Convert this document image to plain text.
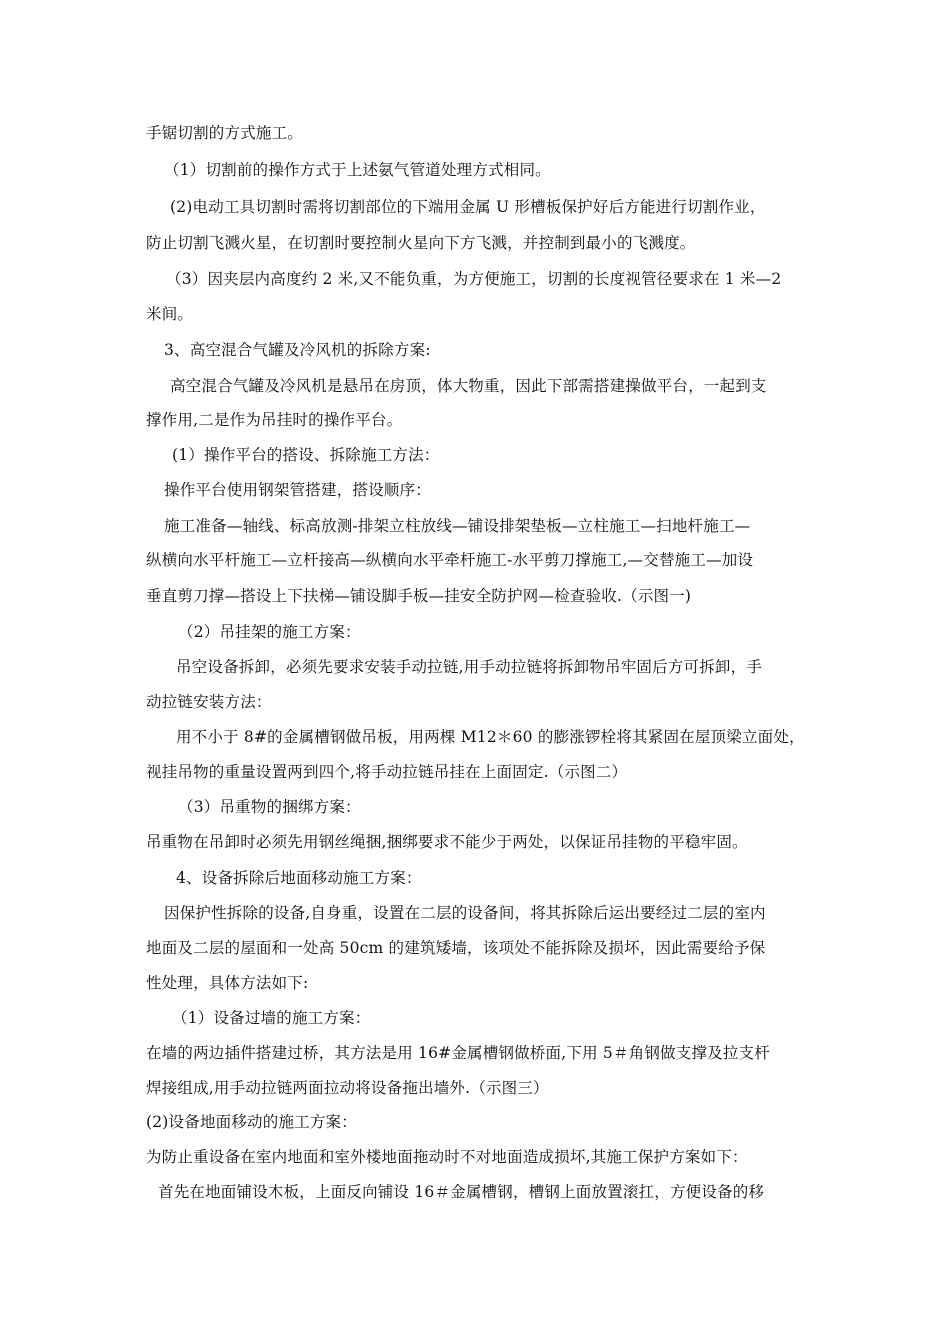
手锯切割的方式施工。
（1）切割前的操作方式于上述氨气管道处理方式相同。
(2)电动工具切割时需将切割部位的下端用金属 U 形槽板保护好后方能进行切割作业，
防止切割飞溅火星，在切割时要控制火星向下方飞溅，并控制到最小的飞溅度。
（3）因夹层内高度约 2 米,又不能负重，为方便施工，切割的长度视管径要求在 1 米—2
米间。
3、高空混合气罐及冷风机的拆除方案:
高空混合气罐及冷风机是悬吊在房顶，体大物重，因此下部需搭建操做平台，一起到支
撑作用,二是作为吊挂时的操作平台。
(1）操作平台的搭设、拆除施工方法：
操作平台使用钢架管搭建，搭设顺序：
施工准备—轴线、标高放测-排架立柱放线—铺设排架垫板—立柱施工—扫地杆施工—
纵横向水平杆施工—立杆接高—纵横向水平牵杆施工-水平剪刀撑施工,—交替施工—加设
垂直剪刀撑—搭设上下扶梯—铺设脚手板—挂安全防护网—检查验收.（示图一)
（2）吊挂架的施工方案：
吊空设备拆卸，必须先要求安装手动拉链,用手动拉链将拆卸物吊牢固后方可拆卸，手
动拉链安装方法：
用不小于 8#的金属槽钢做吊板，用两棵 M12＊60 的膨涨锣栓将其紧固在屋顶梁立面处，
视挂吊物的重量设置两到四个,将手动拉链吊挂在上面固定.（示图二）
（3）吊重物的捆绑方案：
吊重物在吊卸时必须先用钢丝绳捆,捆绑要求不能少于两处，以保证吊挂物的平稳牢固。
4、设备拆除后地面移动施工方案：
因保护性拆除的设备,自身重，设置在二层的设备间，将其拆除后运出要经过二层的室内
地面及二层的屋面和一处高 50cm 的建筑矮墙，该项处不能拆除及损坏，因此需要给予保
性处理，具体方法如下:
（1）设备过墙的施工方案：
在墙的两边插件搭建过桥，其方法是用 16#金属槽钢做桥面,下用 5＃角钢做支撑及拉支杆
焊接组成,用手动拉链两面拉动将设备拖出墙外.（示图三）
(2)设备地面移动的施工方案：
为防止重设备在室内地面和室外楼地面拖动时不对地面造成损坏,其施工保护方案如下：
首先在地面铺设木板，上面反向铺设 16＃金属槽钢，槽钢上面放置滚扛，方便设备的移
